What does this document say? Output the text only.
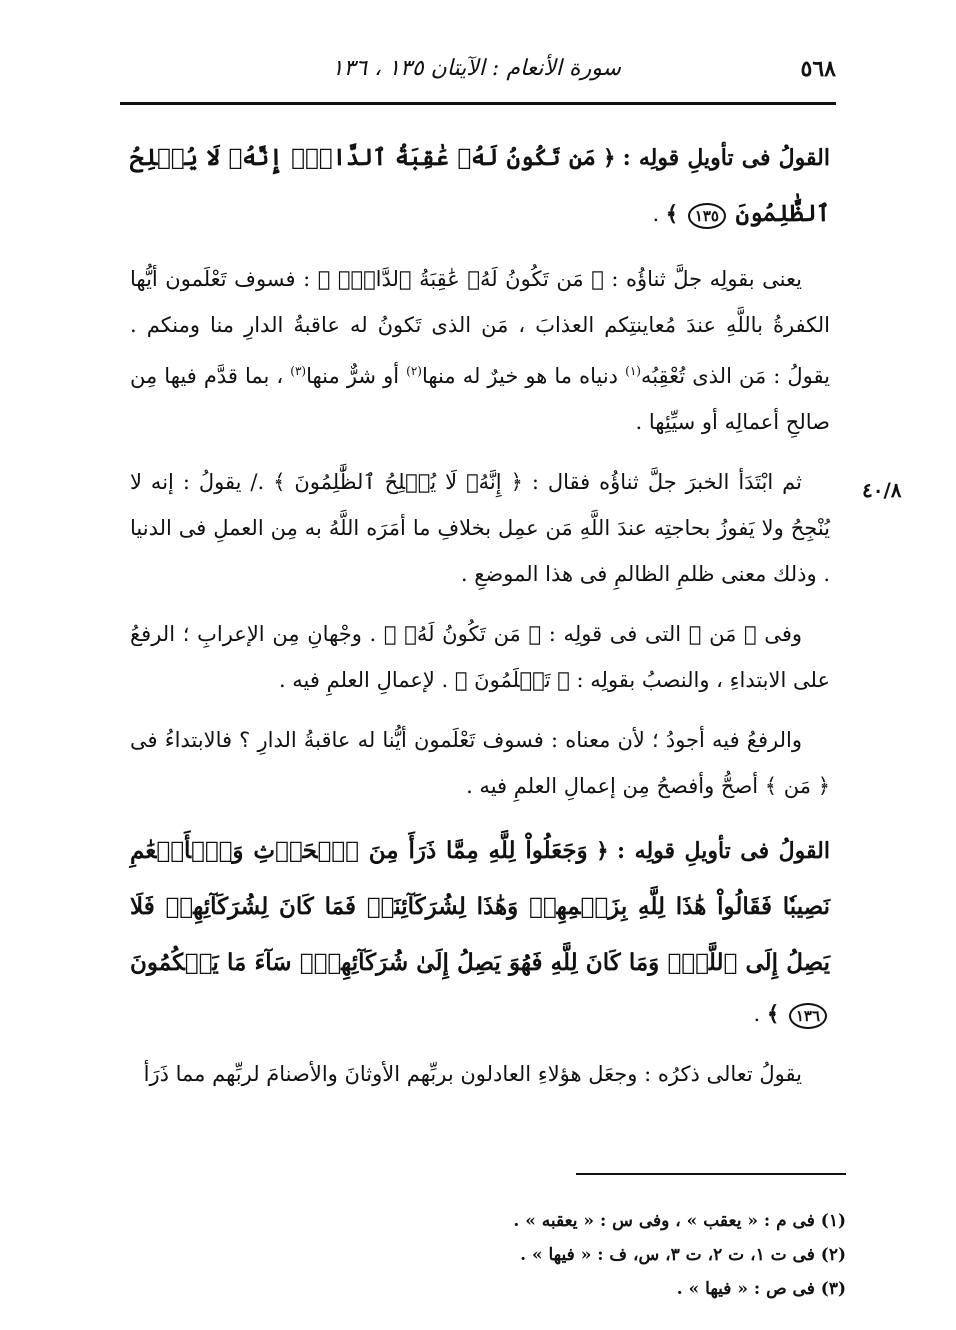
٥٦٨
سورة الأنعام : الآيتان ١٣٥ ، ١٣٦
٤٠/٨

القولُ فى تأويلِ قولِه : ﴿ مَن تَكُونُ لَهُۥ عَٰقِبَةُ ٱلدَّارِۗ إِنَّهُۥ لَا يُفۡلِحُ ٱلظَّٰلِمُونَ ١٣٥ ﴾ .

يعنى بقولِه جلَّ ثناؤُه : ﴿ مَن تَكُونُ لَهُۥ عَٰقِبَةُ ٱلدَّارِۗ ﴾ : فسوف تَعْلَمون أيُّها الكفرةُ باللَّهِ عندَ مُعاينتِكم العذابَ ، مَن الذى تَكونُ له عاقبةُ الدارِ منا ومنكم . يقولُ : مَن الذى تُعْقِبُه$^{(١)}$ دنياه ما هو خيرٌ له منها$^{(٢)}$ أو شرٌّ منها$^{(٣)}$ ، بما قدَّم فيها مِن صالحِ أعمالِه أو سيِّئِها .

ثم ابْتَدَأ الخبرَ جلَّ ثناؤُه فقال : ﴿ إِنَّهُۥ لَا يُفۡلِحُ ٱلظَّٰلِمُونَ ﴾ ./ يقولُ : إنه لا يُنْجِحُ ولا يَفوزُ بحاجتِه عندَ اللَّهِ مَن عمِل بخلافِ ما أمَرَه اللَّهُ به مِن العملِ فى الدنيا . وذلك معنى ظلمِ الظالمِ فى هذا الموضعِ .

وفى ﴿ مَن ﴾ التى فى قولِه : ﴿ مَن تَكُونُ لَهُۥ ﴾ . وجْهانِ مِن الإعرابِ ؛ الرفعُ على الابتداءِ ، والنصبُ بقولِه : ﴿ تَعۡلَمُونَ ﴾ . لإعمالِ العلمِ فيه .

والرفعُ فيه أجودُ ؛ لأن معناه : فسوف تَعْلَمون أيُّنا له عاقبةُ الدارِ ؟ فالابتداءُ فى ﴿ مَن ﴾ أصحُّ وأفصحُ مِن إعمالِ العلمِ فيه .

القولُ فى تأويلِ قولِه : ﴿ وَجَعَلُواْ لِلَّهِ مِمَّا ذَرَأَ مِنَ ٱلۡحَرۡثِ وَٱلۡأَنۡعَٰمِ نَصِيبٗا فَقَالُواْ هَٰذَا لِلَّهِ بِزَعۡمِهِمۡ وَهَٰذَا لِشُرَكَآئِنَاۖ فَمَا كَانَ لِشُرَكَآئِهِمۡ فَلَا يَصِلُ إِلَى ٱللَّهِۖ وَمَا كَانَ لِلَّهِ فَهُوَ يَصِلُ إِلَىٰ شُرَكَآئِهِمۡۗ سَآءَ مَا يَحۡكُمُونَ ١٣٦ ﴾ .

يقولُ تعالى ذكرُه : وجعَل هؤلاءِ العادلون بربِّهم الأوثانَ والأصنامَ لربِّهم مما ذَرَأ

(١) فى م : « يعقب » ، وفى س : « يعقبه » .

(٢) فى ت ١، ت ٢، ت ٣، س، ف : « فيها » .

(٣) فى ص : « فيها » .
